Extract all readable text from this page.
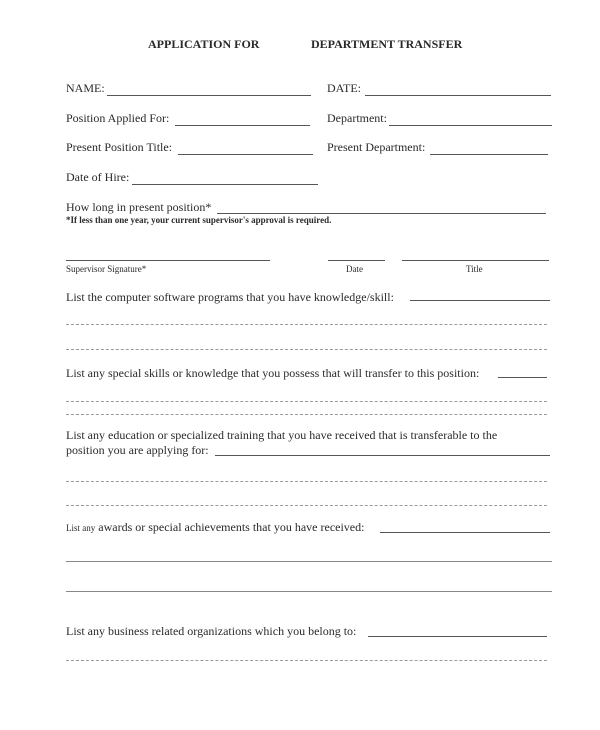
APPLICATION FOR	DEPARTMENT TRANSFER
NAME:	DATE:
Position Applied For:	Department:
Present Position Title:	Present Department:
Date of Hire:
How long in present position*
*If less than one year, your current supervisor's approval is required.
Supervisor Signature*	Date	Title
List the computer software programs that you have knowledge/skill:
List any special skills or knowledge that you possess that will transfer to this position:
List any education or specialized training that you have received that is transferable to the
position you are applying for:
List any awards or special achievements that you have received:
List any business related organizations which you belong to:
